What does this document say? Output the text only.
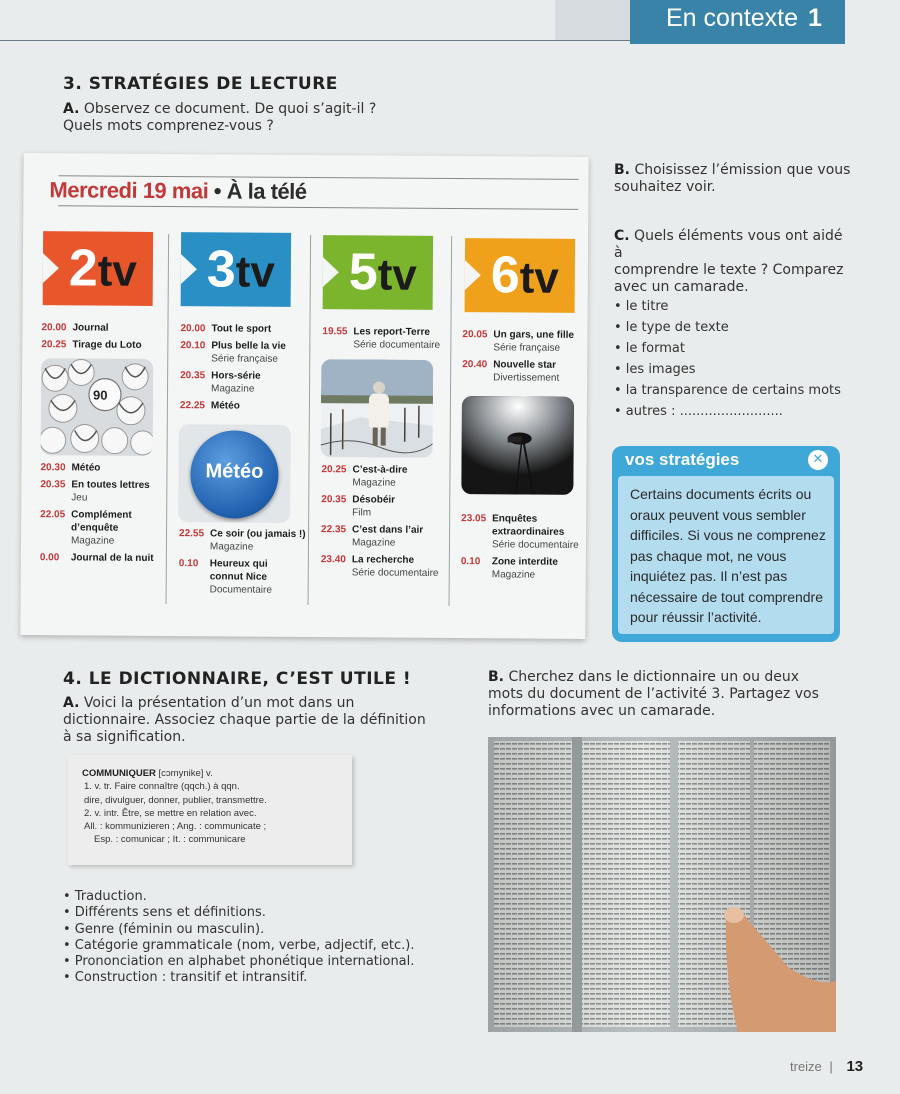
En contexte 1
3. STRATÉGIES DE LECTURE
A. Observez ce document. De quoi s’agit-il ?
Quels mots comprenez-vous ?
Mercredi 19 mai • À la télé
2tv
20.00 Journal
20.25 Tirage du Loto
90
20.30 Météo
20.35 En toutes lettres
Jeu
22.05 Complément d’enquête
Magazine
0.00	Journal de la nuit
3tv
20.00 Tout le sport
20.10 Plus belle la vie
Série française
20.35 Hors-série
Magazine
22.25 Météo
Météo
22.55 Ce soir (ou jamais !)
Magazine
0.10	Heureux qui connut Nice
Documentaire
5tv
19.55 Les report-Terre
Série documentaire
20.25 C’est-à-dire
Magazine
20.35 Désobéir
Film
22.35 C’est dans l’air
Magazine
23.40 La recherche
Série documentaire
6tv
20.05 Un gars, une fille
Série française
20.40 Nouvelle star
Divertissement
23.05 Enquêtes extraordinaires
Série documentaire
0.10	Zone interdite
Magazine
B. Choisissez l’émission que vous
souhaitez voir.
C. Quels éléments vous ont aidé à
comprendre le texte ? Comparez
avec un camarade.
• le titre
• le type de texte
• le format
• les images
• la transparence de certains mots
• autres : .........................
vos stratégies	✕
Certains documents écrits ou
oraux peuvent vous sembler
difficiles. Si vous ne comprenez
pas chaque mot, ne vous
inquiétez pas. Il n’est pas
nécessaire de tout comprendre
pour réussir l’activité.
4. LE DICTIONNAIRE, C’EST UTILE !
A. Voici la présentation d’un mot dans un
dictionnaire. Associez chaque partie de la définition
à sa signification.
B. Cherchez dans le dictionnaire un ou deux
mots du document de l’activité 3. Partagez vos
informations avec un camarade.
COMMUNIQUER [cɔmynike] v.
1. v. tr. Faire connaître (qqch.) à qqn.
dire, divulguer, donner, publier, transmettre.
2. v. intr. Être, se mettre en relation avec.
All. : kommunizieren ; Ang. : communicate ;
Esp. : comunicar ; It. : communicare
• Traduction.
• Différents sens et définitions.
• Genre (féminin ou masculin).
• Catégorie grammaticale (nom, verbe, adjectif, etc.).
• Prononciation en alphabet phonétique international.
• Construction : transitif et intransitif.
treize | 13
